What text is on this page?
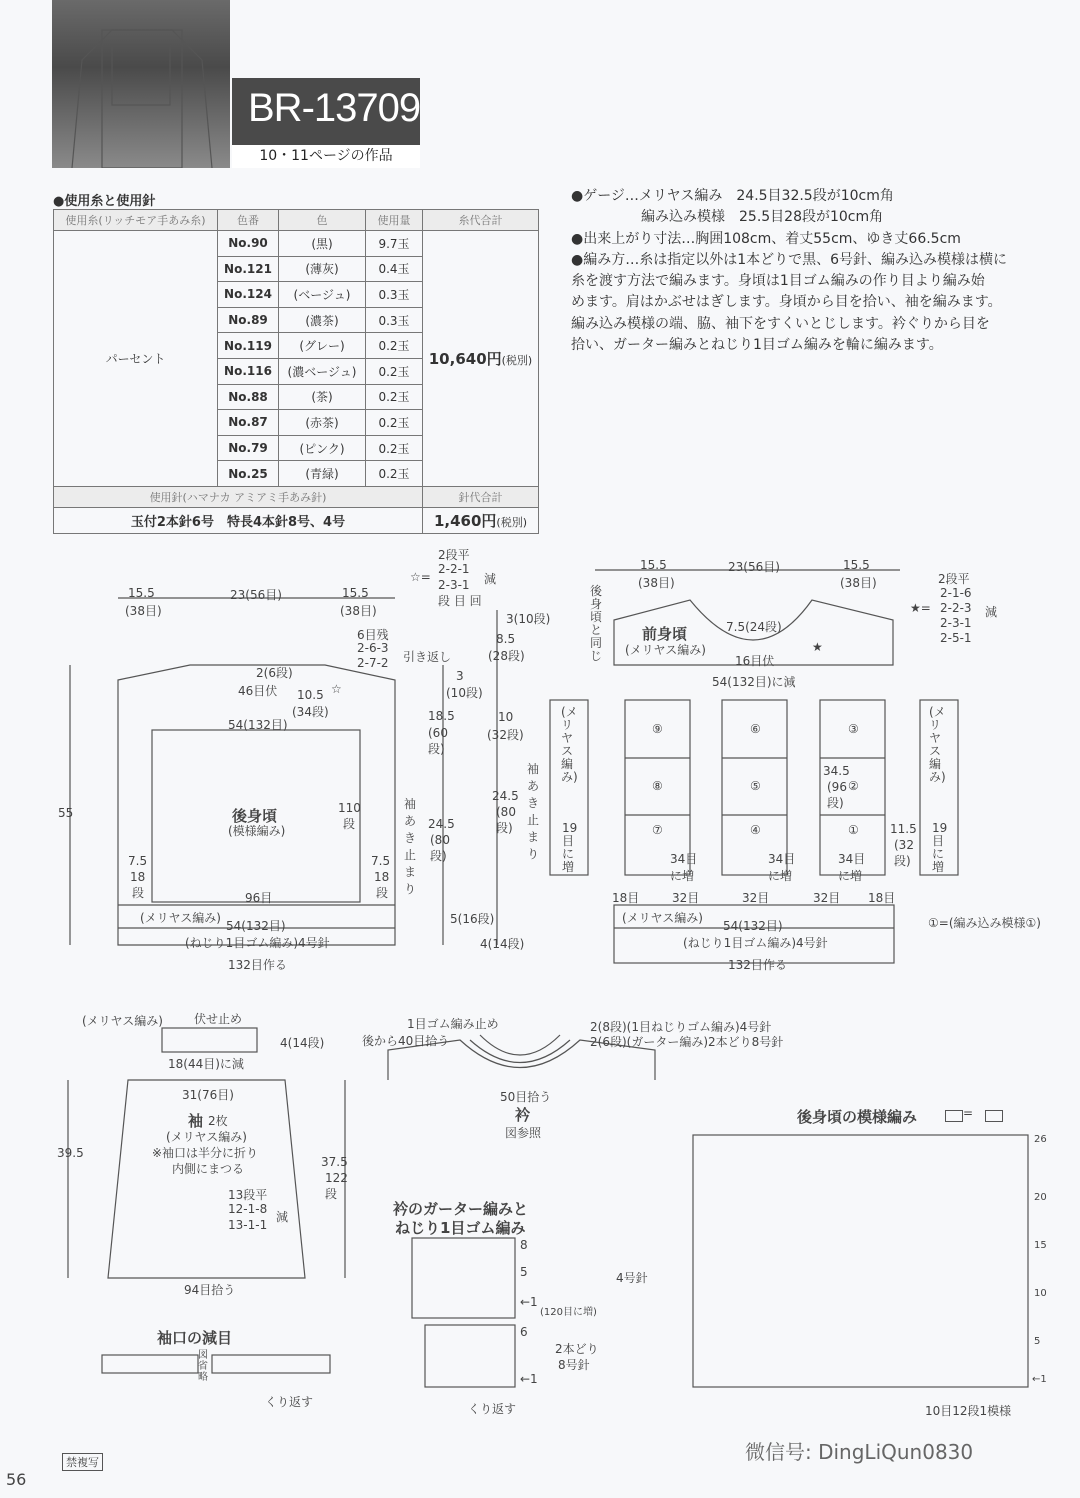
BR-13709
10・11ページの作品
●使用糸と使用針
使用糸(リッチモア手あみ糸)	色番	色	使用量	糸代合計
パーセント	No.90	(黒)	9.7玉	10,640円(税別)
	No.121	(薄灰)	0.4玉	
	No.124	(ベージュ)	0.3玉	
	No.89	(濃茶)	0.3玉	
	No.119	(グレー)	0.2玉	
	No.116	(濃ベージュ)	0.2玉	
	No.88	(茶)	0.2玉	
	No.87	(赤茶)	0.2玉	
	No.79	(ピンク)	0.2玉	
	No.25	(青緑)	0.2玉	
使用針(ハマナカ アミアミ手あみ針)				針代合計
玉付2本針6号　特長4本針8号、4号				1,460円(税別)

●ゲージ…メリヤス編み　24.5目32.5段が10cm角

　　　　　編み込み模様　25.5目28段が10cm角

●出来上がり寸法…胸囲108cm、着丈55cm、ゆき丈66.5cm

●編み方…糸は指定以外は1本どりで黒、6号針、編み込み模様は横に

糸を渡す方法で編みます。身頃は1目ゴム編みの作り目より編み始

めます。肩はかぶせはぎします。身頃から目を拾い、袖を編みます。

編み込み模様の端、脇、袖下をすくいとじします。衿ぐりから目を

拾い、ガーター編みとねじり1目ゴム編みを輪に編みます。

15.5
(38目)
23(56目)	15.5
(38目)
☆=
2段平
2-2-1
2-3-1
段 目 回
減
6目残
2-6-3
2-7-2 引き返し
2(6段)
46目伏 10.5
(34段)
☆
54(132目)
後身頃
(模様編み)
55	110
段
7.5
18
段
7.5
18
段
96目
(メリヤス編み)
54(132目)
(ねじり1目ゴム編み)4号針
132目作る
3(10段)
8.5
(28段)
3
(10段)
18.5
(60段)
10
(32段)
袖あき止まり
24.5
(80段)
24.5
(80段)
袖あき止まり
5(16段)
4(14段)
15.5
(38目)
23(56目)	15.5
(38目)
後身頃と同じ
前身頃
(メリヤス編み)
7.5(24段)
16目伏
★
54(132目)に減
2段平
2-1-6
2-2-3
2-3-1
2-5-1
★=	減
(メリヤス編み)
(メリヤス編み)
⑨
⑧
⑦
⑥
⑤
④
③
②
①
34.5
(96段)
11.5
(32段)
19目に増
19目に増
34目に増
34目に増
34目に増
18目	32目	32目	32目 18目
(メリヤス編み)
54(132目)
(ねじり1目ゴム編み)4号針
132目作る
①=(編み込み模様①)
(メリヤス編み)	伏せ止め
4(14段)
18(44目)に減
31(76目)
袖 2枚
(メリヤス編み)
※袖口は半分に折り
内側にまつる
39.5
37.5
122段
13段平
12-1-8
13-1-1
減
94目拾う
袖口の減目
図省略
くり返す
1目ゴム編み止め
後から40目拾う
2(8段)(1目ねじりゴム編み)4号針
2(6段)(ガーター編み)2本どり8号針
50目拾う
衿
図参照
衿のガーター編みと
ねじり1目ゴム編み
8
5
←1
4号針
(120目に増)
6
←1
2本どり
8号針
くり返す
後身頃の模様編み	=
26
20
15
10
5
←1
10目12段1模様
禁複写
56
微信号: DingLiQun0830
